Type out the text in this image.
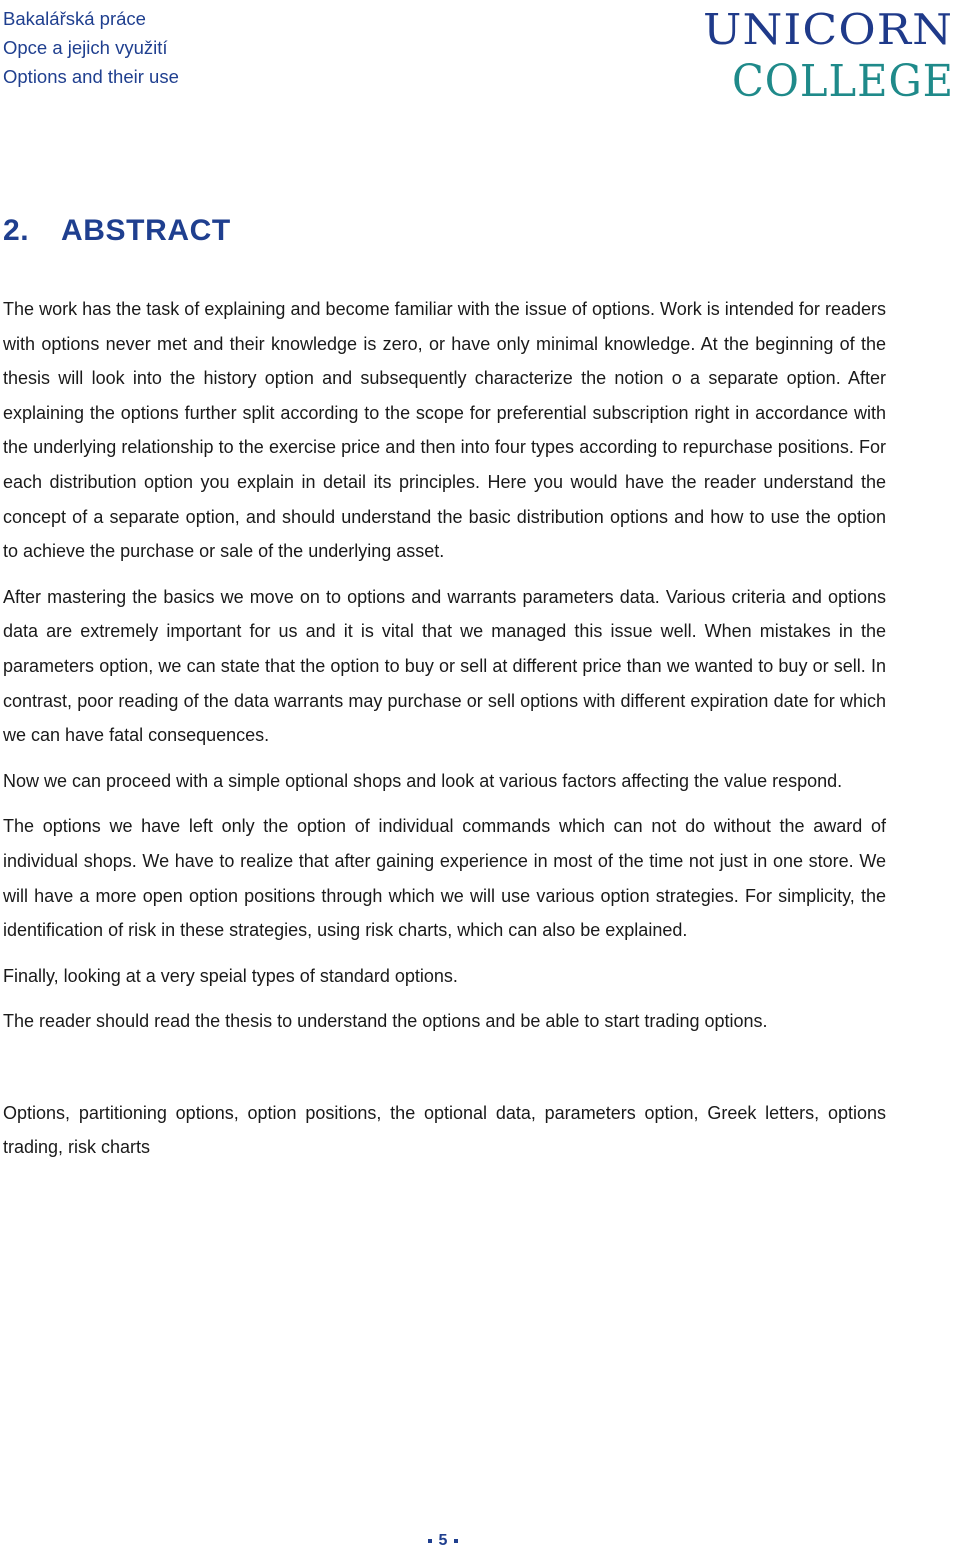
Bakalářská práce
Opce a jejich využití
Options and their use
UNICORN
COLLEGE
2. ABSTRACT

The work has the task of explaining and become familiar with the issue of options. Work is intended for readers with options never met and their knowledge is zero, or have only minimal knowledge. At the beginning of the thesis will look into the history option and subsequently characterize the notion o a separate option. After explaining the options further split according to the scope for preferential subscription right in accordance with the underlying relationship to the exercise price and then into four types according to repurchase positions. For each distribution option you explain in detail its principles. Here you would have the reader understand the concept of a separate option, and should understand the basic distribution options and how to use the option to achieve the purchase or sale of the underlying asset.

After mastering the basics we move on to options and warrants parameters data. Various criteria and options data are extremely important for us and it is vital that we managed this issue well. When mistakes in the parameters option, we can state that the option to buy or sell at different price than we wanted to buy or sell. In contrast, poor reading of the data warrants may purchase or sell options with different expiration date for which we can have fatal consequences.

Now we can proceed with a simple optional shops and look at various factors affecting the value respond.

The options we have left only the option of individual commands which can not do without the award of individual shops. We have to realize that after gaining experience in most of the time not just in one store. We will have a more open option positions through which we will use various option strategies. For simplicity, the identification of risk in these strategies, using risk charts, which can also be explained.

Finally, looking at a very speial types of standard options.

The reader should read the thesis to understand the options and be able to start trading options.

Options, partitioning options, option positions, the optional data, parameters option, Greek letters, options trading, risk charts

5
